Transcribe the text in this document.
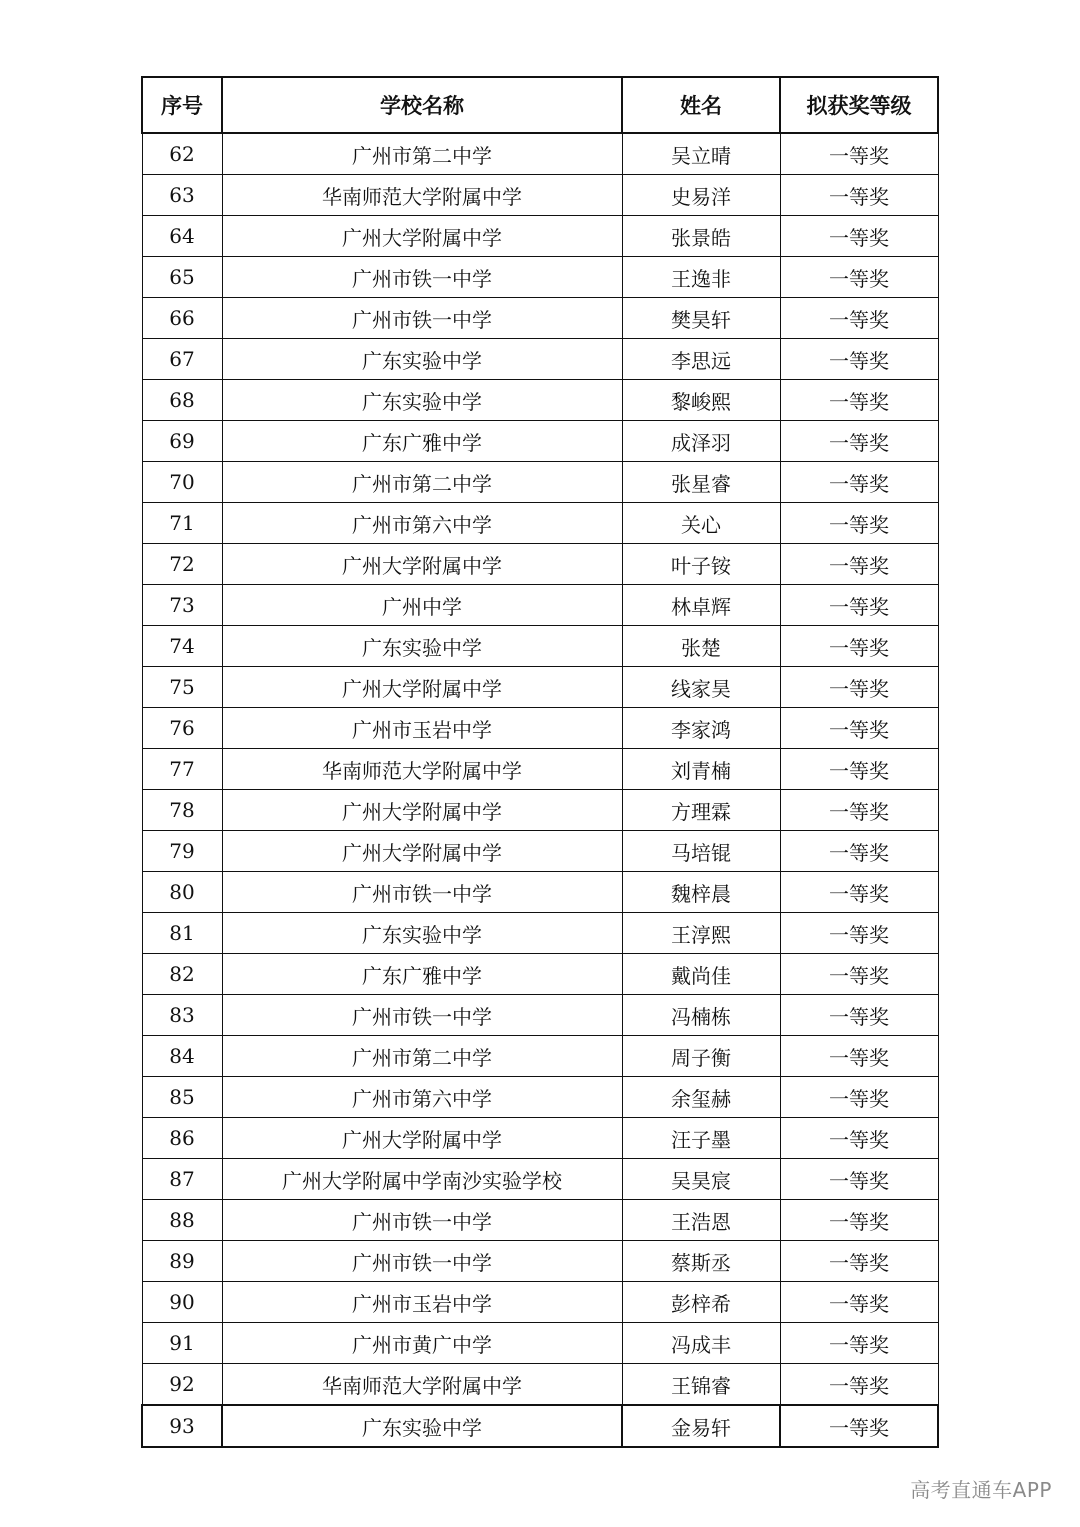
序号	学校名称	姓名	拟获奖等级
62	广州市第二中学	吴立晴	一等奖
63	华南师范大学附属中学	史易洋	一等奖
64	广州大学附属中学	张景皓	一等奖
65	广州市铁一中学	王逸非	一等奖
66	广州市铁一中学	樊昊轩	一等奖
67	广东实验中学	李思远	一等奖
68	广东实验中学	黎峻熙	一等奖
69	广东广雅中学	成泽羽	一等奖
70	广州市第二中学	张星睿	一等奖
71	广州市第六中学	关心	一等奖
72	广州大学附属中学	叶子铵	一等奖
73	广州中学	林卓辉	一等奖
74	广东实验中学	张楚	一等奖
75	广州大学附属中学	线家昊	一等奖
76	广州市玉岩中学	李家鸿	一等奖
77	华南师范大学附属中学	刘青楠	一等奖
78	广州大学附属中学	方理霖	一等奖
79	广州大学附属中学	马培锟	一等奖
80	广州市铁一中学	魏梓晨	一等奖
81	广东实验中学	王淳熙	一等奖
82	广东广雅中学	戴尚佳	一等奖
83	广州市铁一中学	冯楠栋	一等奖
84	广州市第二中学	周子衡	一等奖
85	广州市第六中学	余玺赫	一等奖
86	广州大学附属中学	汪子墨	一等奖
87	广州大学附属中学南沙实验学校	吴昊宸	一等奖
88	广州市铁一中学	王浩恩	一等奖
89	广州市铁一中学	蔡斯丞	一等奖
90	广州市玉岩中学	彭梓希	一等奖
91	广州市黄广中学	冯成丰	一等奖
92	华南师范大学附属中学	王锦睿	一等奖
93	广东实验中学	金易轩	一等奖
高考直通车APP
